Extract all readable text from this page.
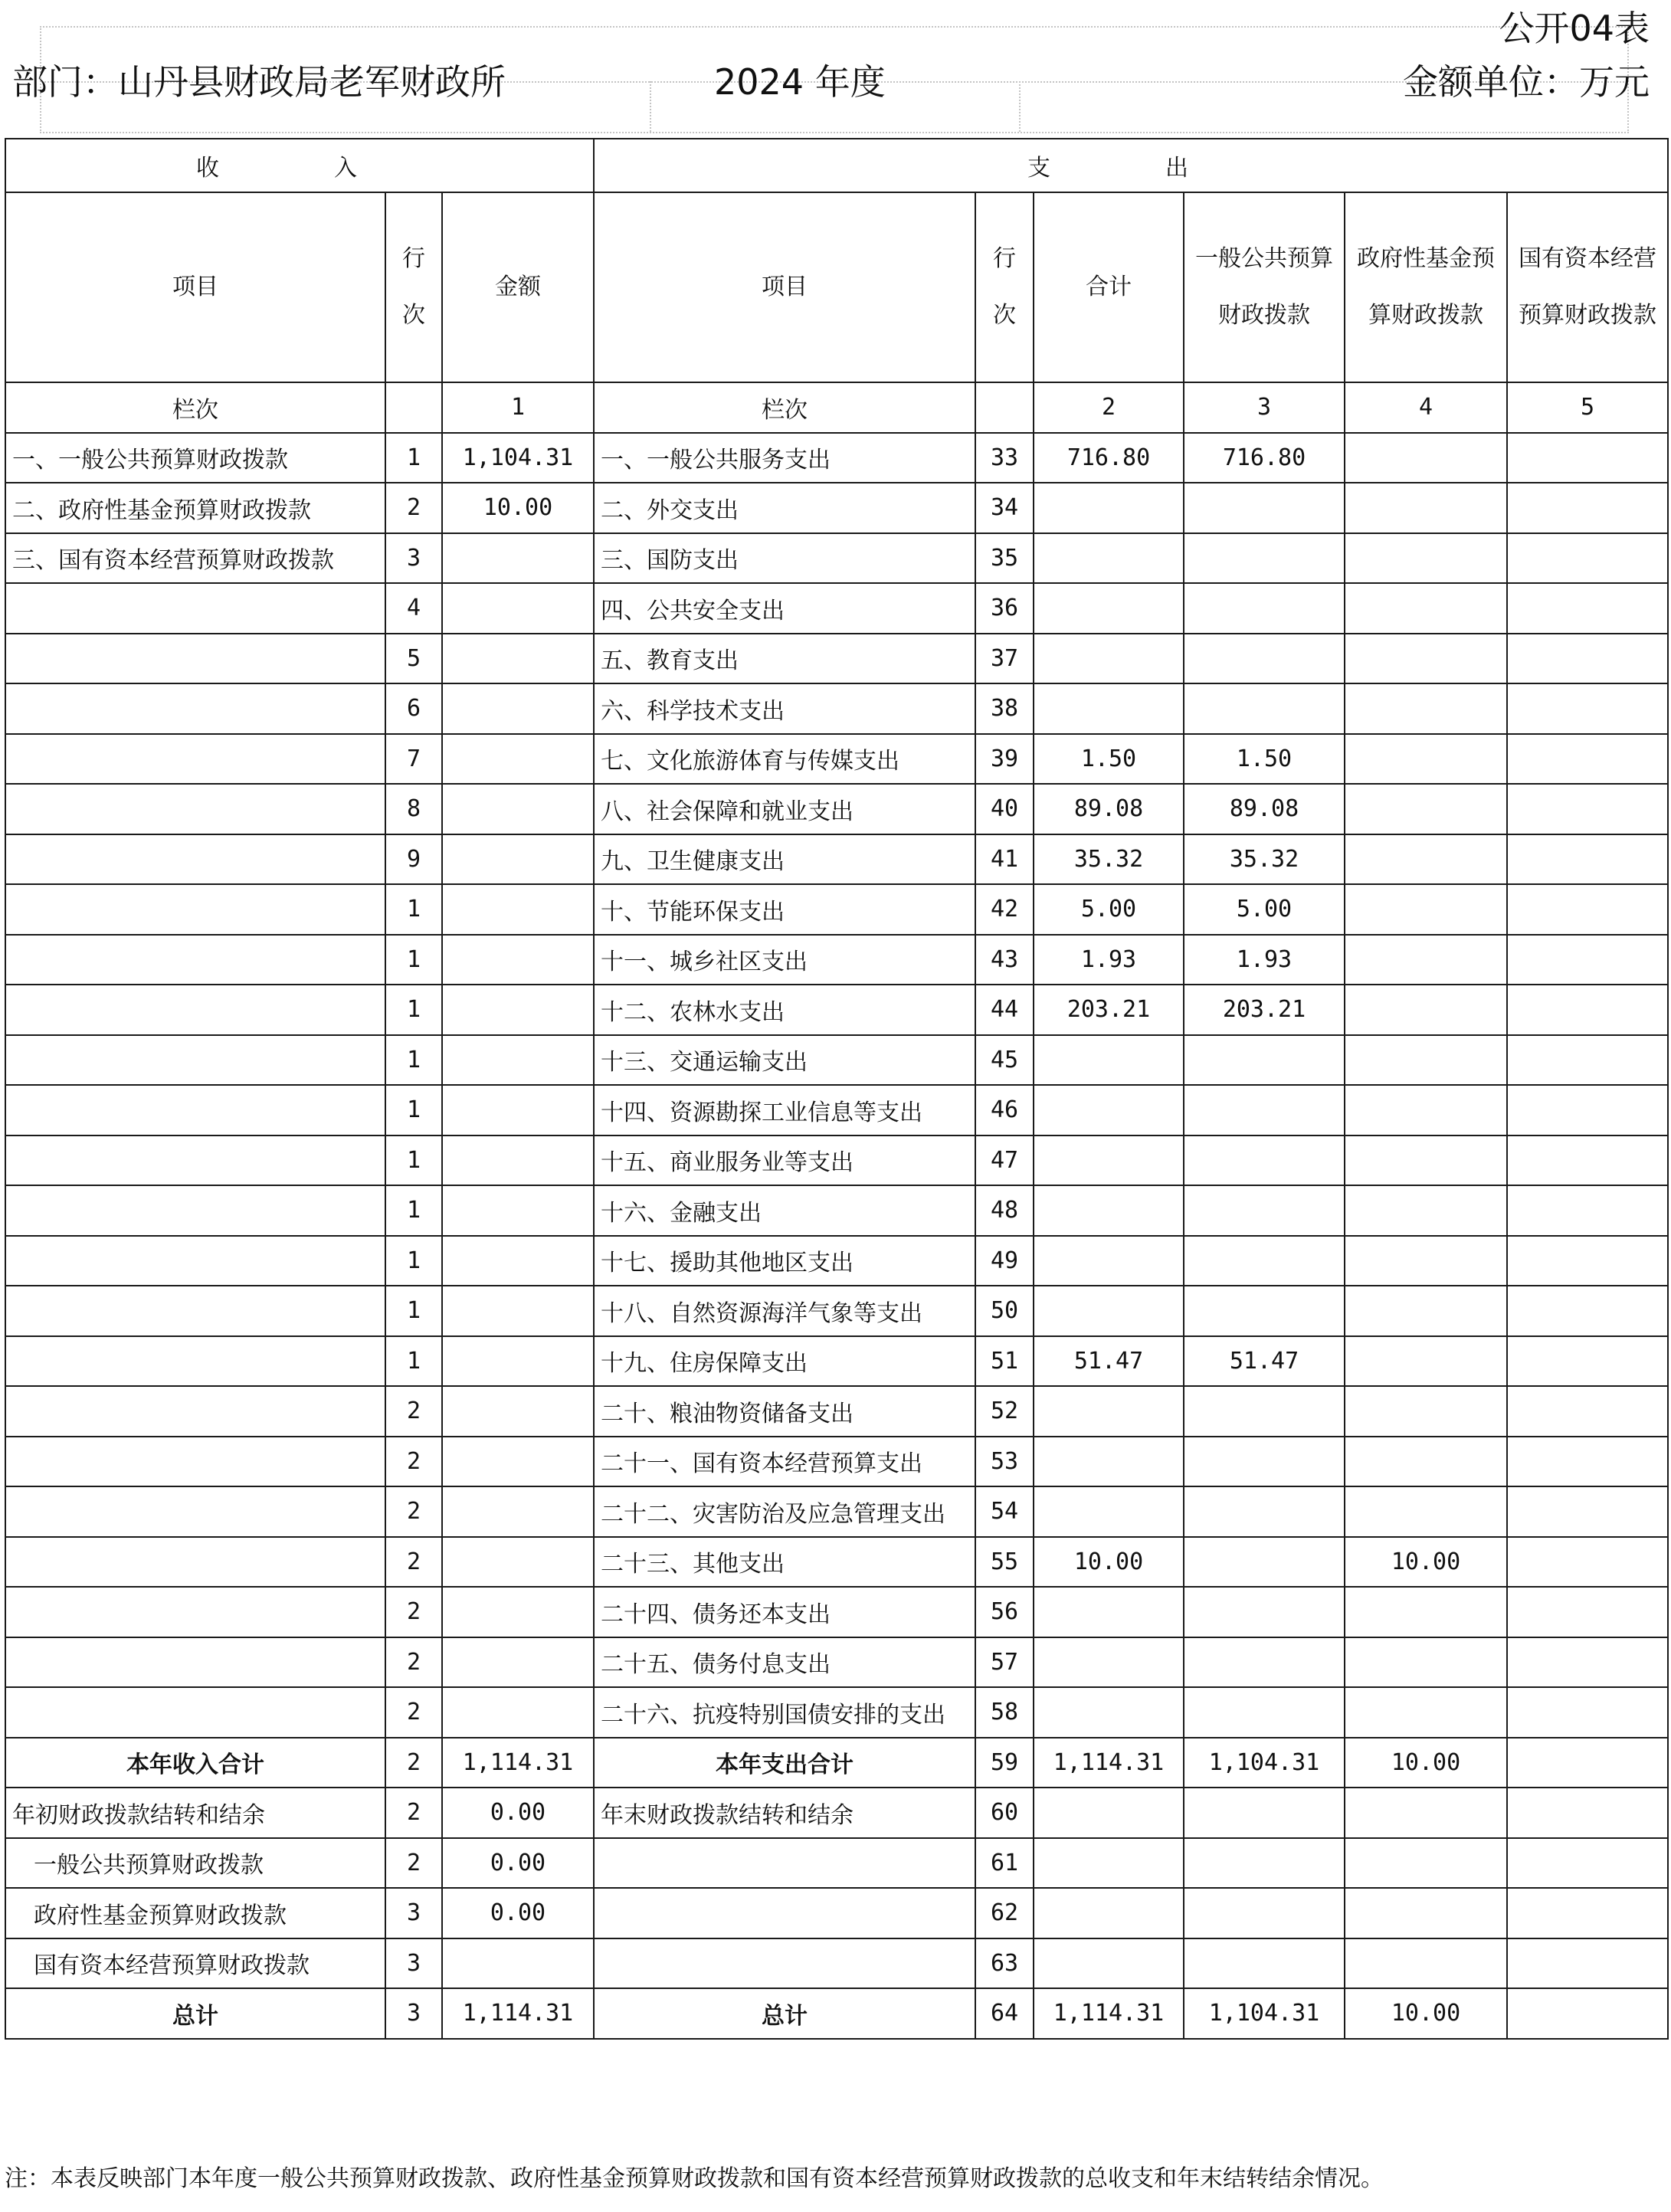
公开04表
部门：山丹县财政局老军财政所	2024 年度	金额单位：万元
收　入			支　出					
项目	行次	金额	项目	行次	合计	一般公共预算财政拨款	政府性基金预算财政拨款	国有资本经营预算财政拨款
栏次		1	栏次		2	3	4	5
一、一般公共预算财政拨款	1	1,104.31	一、一般公共服务支出	33	716.80	716.80		
二、政府性基金预算财政拨款	2	10.00	二、外交支出	34				
三、国有资本经营预算财政拨款	3		三、国防支出	35				
	4		四、公共安全支出	36				
	5		五、教育支出	37				
	6		六、科学技术支出	38				
	7		七、文化旅游体育与传媒支出	39	1.50	1.50		
	8		八、社会保障和就业支出	40	89.08	89.08		
	9		九、卫生健康支出	41	35.32	35.32		
	1		十、节能环保支出	42	5.00	5.00		
	1		十一、城乡社区支出	43	1.93	1.93		
	1		十二、农林水支出	44	203.21	203.21		
	1		十三、交通运输支出	45				
	1		十四、资源勘探工业信息等支出	46				
	1		十五、商业服务业等支出	47				
	1		十六、金融支出	48				
	1		十七、援助其他地区支出	49				
	1		十八、自然资源海洋气象等支出	50				
	1		十九、住房保障支出	51	51.47	51.47		
	2		二十、粮油物资储备支出	52				
	2		二十一、国有资本经营预算支出	53				
	2		二十二、灾害防治及应急管理支出	54				
	2		二十三、其他支出	55	10.00		10.00	
	2		二十四、债务还本支出	56				
	2		二十五、债务付息支出	57				
	2		二十六、抗疫特别国债安排的支出	58				
本年收入合计	2	1,114.31	本年支出合计	59	1,114.31	1,104.31	10.00	
年初财政拨款结转和结余	2	0.00	年末财政拨款结转和结余	60				
一般公共预算财政拨款	2	0.00		61				
政府性基金预算财政拨款	3	0.00		62				
国有资本经营预算财政拨款	3			63				
总计	3	1,114.31	总计	64	1,114.31	1,104.31	10.00	
注：本表反映部门本年度一般公共预算财政拨款、政府性基金预算财政拨款和国有资本经营预算财政拨款的总收支和年末结转结余情况。
